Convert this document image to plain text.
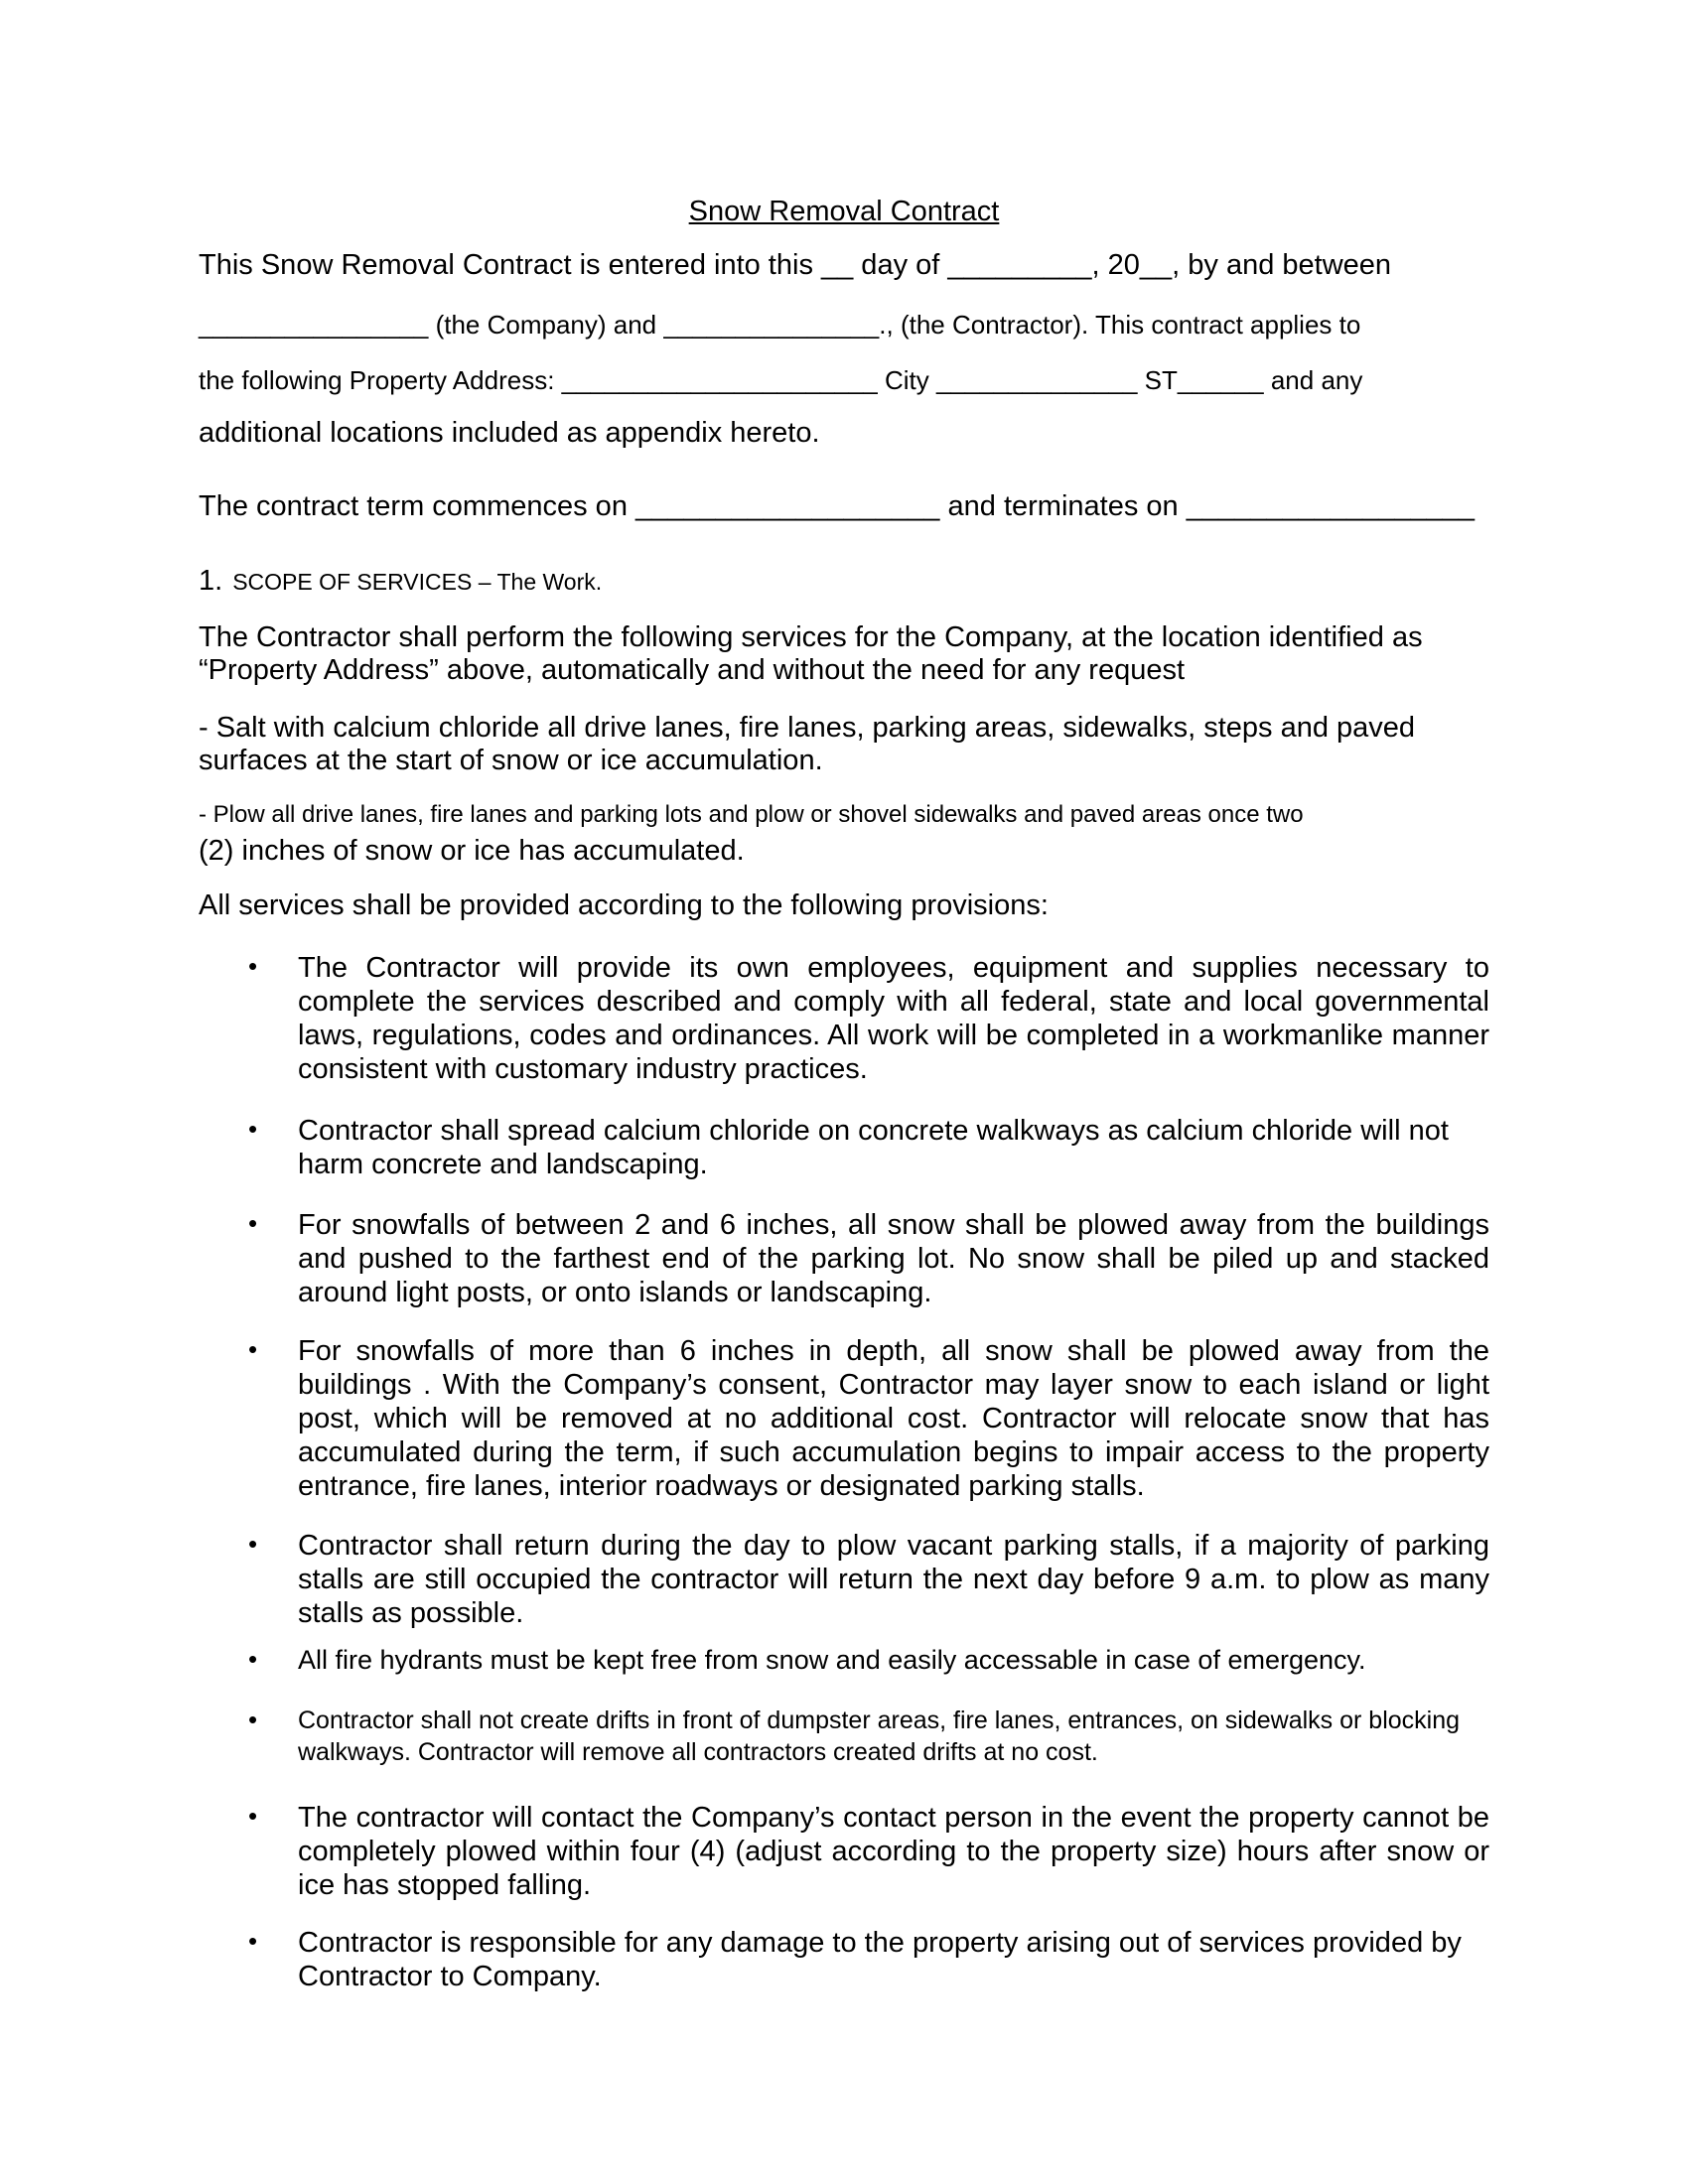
Snow Removal Contract

This Snow Removal Contract is entered into this __ day of _________, 20__, by and between

________________ (the Company) and _______________., (the Contractor). This contract applies to

the following Property Address: ______________________ City ______________ ST______ and any

additional locations included as appendix hereto.

The contract term commences on ___________________ and terminates on __________________

1. SCOPE OF SERVICES – The Work.

The Contractor shall perform the following services for the Company, at the location identified as “Property Address” above, automatically and without the need for any request

- Salt with calcium chloride all drive lanes, fire lanes, parking areas, sidewalks, steps and paved surfaces at the start of snow or ice accumulation.

- Plow all drive lanes, fire lanes and parking lots and plow or shovel sidewalks and paved areas once two

(2) inches of snow or ice has accumulated.

All services shall be provided according to the following provisions:

• The Contractor will provide its own employees, equipment and supplies necessary to complete the services described and comply with all federal, state and local governmental laws, regulations, codes and ordinances. All work will be completed in a workmanlike manner consistent with customary industry practices.
• Contractor shall spread calcium chloride on concrete walkways as calcium chloride will not harm concrete and landscaping.
• For snowfalls of between 2 and 6 inches, all snow shall be plowed away from the buildings and pushed to the farthest end of the parking lot. No snow shall be piled up and stacked around light posts, or onto islands or landscaping.
• For snowfalls of more than 6 inches in depth, all snow shall be plowed away from the buildings . With the Company’s consent, Contractor may layer snow to each island or light post, which will be removed at no additional cost. Contractor will relocate snow that has accumulated during the term, if such accumulation begins to impair access to the property entrance, fire lanes, interior roadways or designated parking stalls.
• Contractor shall return during the day to plow vacant parking stalls, if a majority of parking stalls are still occupied the contractor will return the next day before 9 a.m. to plow as many stalls as possible.
• All fire hydrants must be kept free from snow and easily accessable in case of emergency.
• Contractor shall not create drifts in front of dumpster areas, fire lanes, entrances, on sidewalks or blocking walkways. Contractor will remove all contractors created drifts at no cost.
• The contractor will contact the Company’s contact person in the event the property cannot be completely plowed within four (4) (adjust according to the property size) hours after snow or ice has stopped falling.
• Contractor is responsible for any damage to the property arising out of services provided by Contractor to Company.
